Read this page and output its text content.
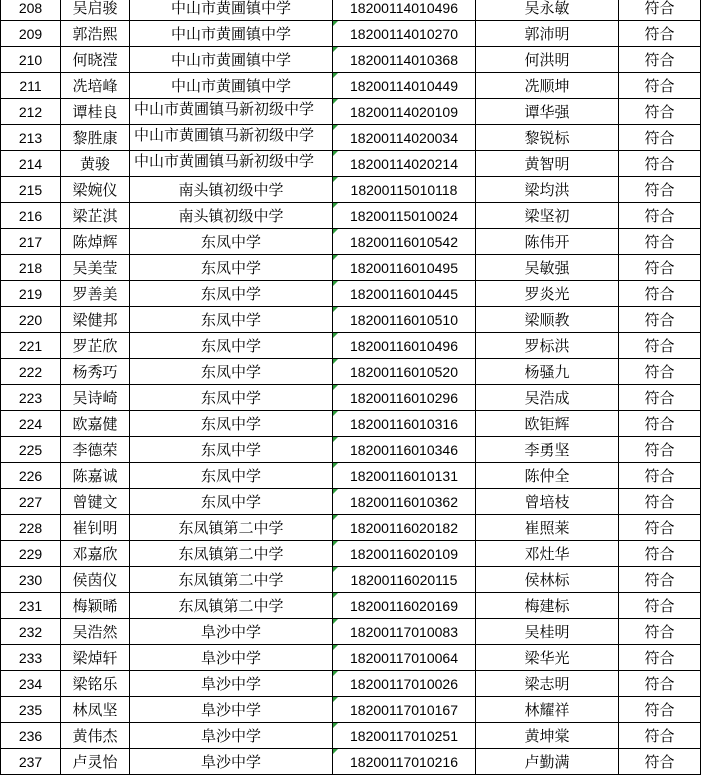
208	吴启骏	中山市黄圃镇中学	18200114010496	吴永敏	符合
209	郭浩熙	中山市黄圃镇中学	18200114010270	郭沛明	符合
210	何晓滢	中山市黄圃镇中学	18200114010368	何洪明	符合
211	冼培峰	中山市黄圃镇中学	18200114010449	冼顺坤	符合
212	谭桂良	中山市黄圃镇马新初级中学	18200114020109	谭华强	符合
213	黎胜康	中山市黄圃镇马新初级中学	18200114020034	黎锐标	符合
214	黄骏	中山市黄圃镇马新初级中学	18200114020214	黄智明	符合
215	梁婉仪	南头镇初级中学	18200115010118	梁均洪	符合
216	梁芷淇	南头镇初级中学	18200115010024	梁坚初	符合
217	陈焯辉	东凤中学	18200116010542	陈伟开	符合
218	吴美莹	东凤中学	18200116010495	吴敏强	符合
219	罗善美	东凤中学	18200116010445	罗炎光	符合
220	梁健邦	东凤中学	18200116010510	梁顺教	符合
221	罗芷欣	东凤中学	18200116010496	罗标洪	符合
222	杨秀巧	东凤中学	18200116010520	杨骚九	符合
223	吴诗崎	东凤中学	18200116010296	吴浩成	符合
224	欧嘉健	东凤中学	18200116010316	欧钜辉	符合
225	李德荣	东凤中学	18200116010346	李勇坚	符合
226	陈嘉诚	东凤中学	18200116010131	陈仲全	符合
227	曾键文	东凤中学	18200116010362	曾培枝	符合
228	崔钊明	东凤镇第二中学	18200116020182	崔照莱	符合
229	邓嘉欣	东凤镇第二中学	18200116020109	邓灶华	符合
230	侯茵仪	东凤镇第二中学	18200116020115	侯林标	符合
231	梅颖晞	东凤镇第二中学	18200116020169	梅建标	符合
232	吴浩然	阜沙中学	18200117010083	吴桂明	符合
233	梁焯轩	阜沙中学	18200117010064	梁华光	符合
234	梁铭乐	阜沙中学	18200117010026	梁志明	符合
235	林凤坚	阜沙中学	18200117010167	林耀祥	符合
236	黄伟杰	阜沙中学	18200117010251	黄坤棠	符合
237	卢灵怡	阜沙中学	18200117010216	卢勤满	符合
